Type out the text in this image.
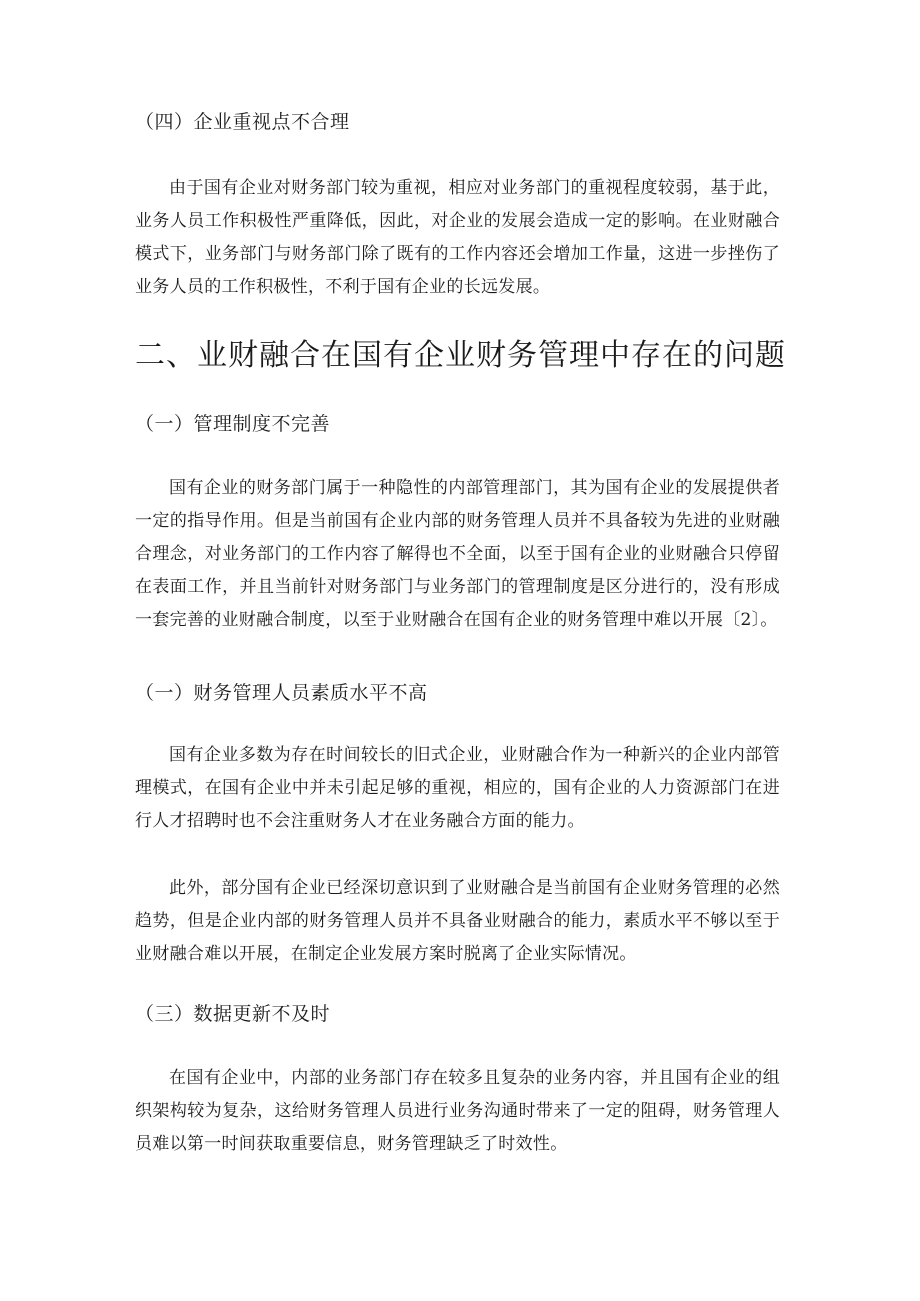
（四）企业重视点不合理
由于国有企业对财务部门较为重视，相应对业务部门的重视程度较弱，基于此，业务人员工作积极性严重降低，因此，对企业的发展会造成一定的影响。在业财融合模式下，业务部门与财务部门除了既有的工作内容还会增加工作量，这进一步挫伤了业务人员的工作积极性，不利于国有企业的长远发展。
二、业财融合在国有企业财务管理中存在的问题
（一）管理制度不完善
国有企业的财务部门属于一种隐性的内部管理部门，其为国有企业的发展提供者一定的指导作用。但是当前国有企业内部的财务管理人员并不具备较为先进的业财融合理念，对业务部门的工作内容了解得也不全面，以至于国有企业的业财融合只停留在表面工作，并且当前针对财务部门与业务部门的管理制度是区分进行的，没有形成一套完善的业财融合制度，以至于业财融合在国有企业的财务管理中难以开展〔2〕。
（一）财务管理人员素质水平不高
国有企业多数为存在时间较长的旧式企业，业财融合作为一种新兴的企业内部管理模式，在国有企业中并未引起足够的重视，相应的，国有企业的人力资源部门在进行人才招聘时也不会注重财务人才在业务融合方面的能力。
此外，部分国有企业已经深切意识到了业财融合是当前国有企业财务管理的必然趋势，但是企业内部的财务管理人员并不具备业财融合的能力，素质水平不够以至于业财融合难以开展，在制定企业发展方案时脱离了企业实际情况。
（三）数据更新不及时
在国有企业中，内部的业务部门存在较多且复杂的业务内容，并且国有企业的组织架构较为复杂，这给财务管理人员进行业务沟通时带来了一定的阻碍，财务管理人员难以第一时间获取重要信息，财务管理缺乏了时效性。
